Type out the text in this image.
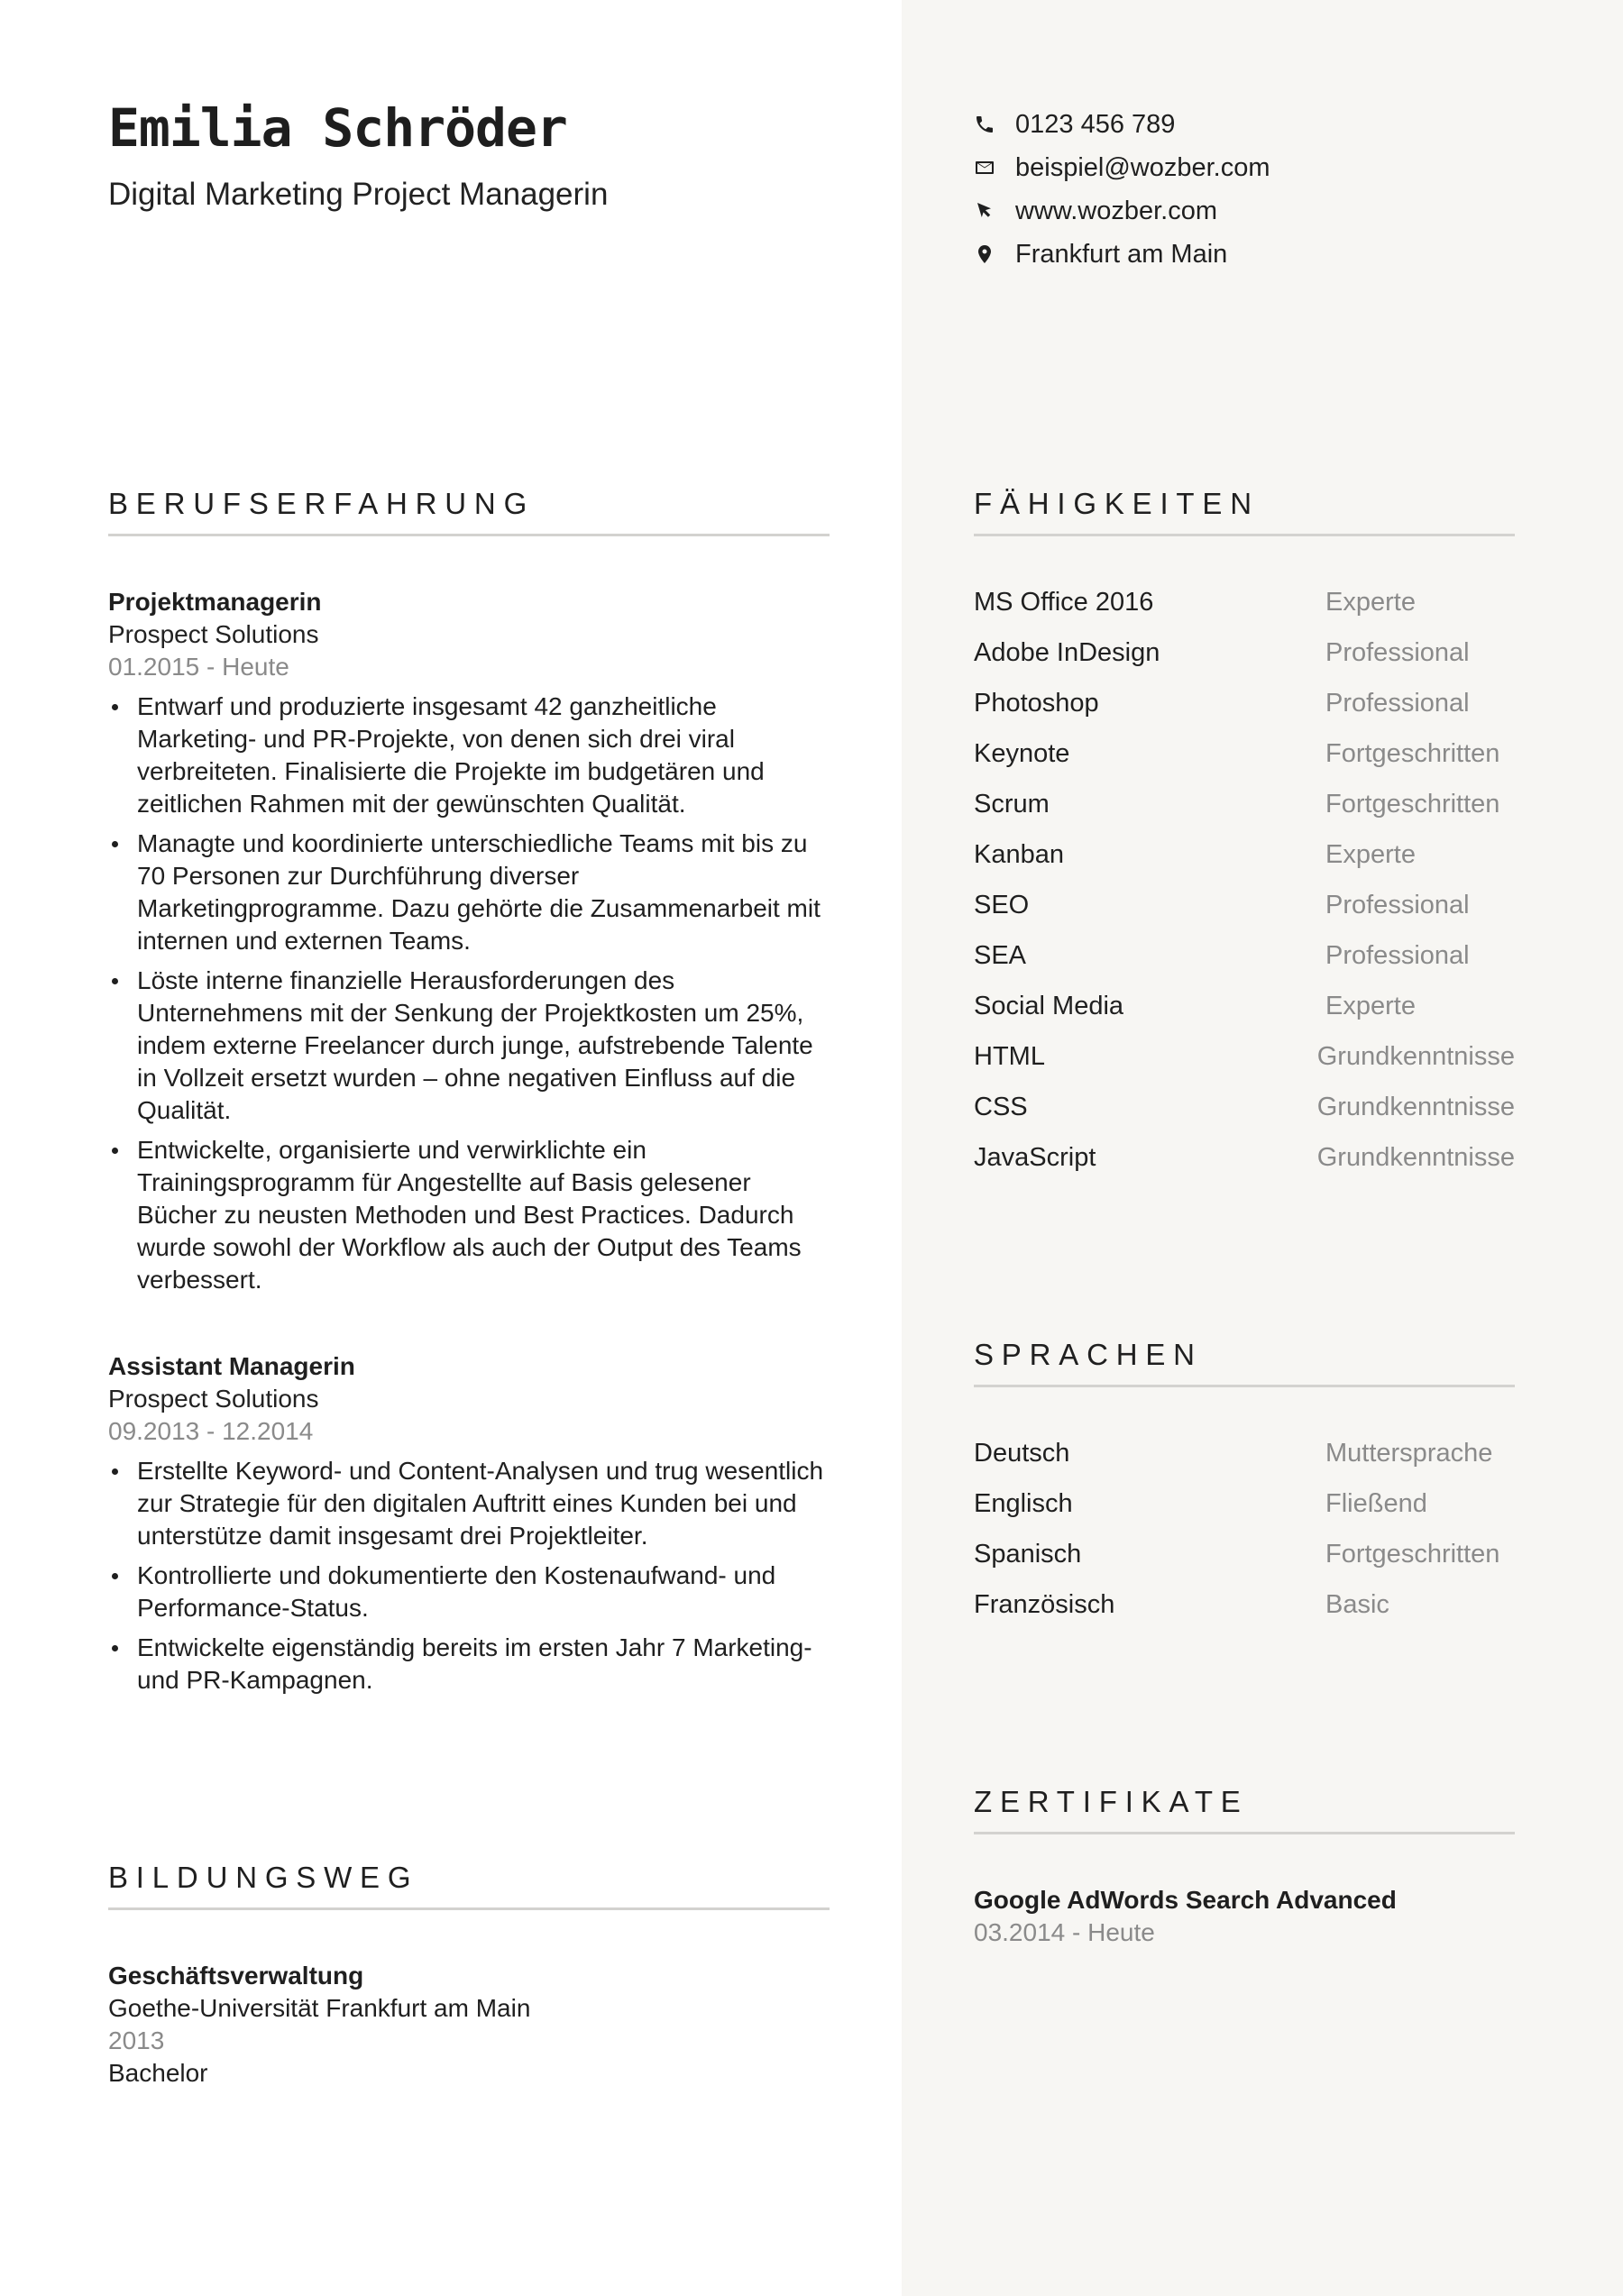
Emilia Schröder
Digital Marketing Project Managerin
0123 456 789
beispiel@wozber.com
www.wozber.com
Frankfurt am Main
BERUFSERFAHRUNG
Projektmanagerin
Prospect Solutions
01.2015 - Heute
Entwarf und produzierte insgesamt 42 ganzheitliche Marketing- und PR-Projekte, von denen sich drei viral verbreiteten. Finalisierte die Projekte im budgetären und zeitlichen Rahmen mit der gewünschten Qualität.
Managte und koordinierte unterschiedliche Teams mit bis zu 70 Personen zur Durchführung diverser Marketingprogramme. Dazu gehörte die Zusammenarbeit mit internen und externen Teams.
Löste interne finanzielle Herausforderungen des Unternehmens mit der Senkung der Projektkosten um 25%, indem externe Freelancer durch junge, aufstrebende Talente in Vollzeit ersetzt wurden – ohne negativen Einfluss auf die Qualität.
Entwickelte, organisierte und verwirklichte ein Trainingsprogramm für Angestellte auf Basis gelesener Bücher zu neusten Methoden und Best Practices. Dadurch wurde sowohl der Workflow als auch der Output des Teams verbessert.
Assistant Managerin
Prospect Solutions
09.2013 - 12.2014
Erstellte Keyword- und Content-Analysen und trug wesentlich zur Strategie für den digitalen Auftritt eines Kunden bei und unterstütze damit insgesamt drei Projektleiter.
Kontrollierte und dokumentierte den Kostenaufwand- und Performance-Status.
Entwickelte eigenständig bereits im ersten Jahr 7 Marketing- und PR-Kampagnen.
BILDUNGSWEG
Geschäftsverwaltung
Goethe-Universität Frankfurt am Main
2013
Bachelor
FÄHIGKEITEN
MS Office 2016	Experte
Adobe InDesign	Professional
Photoshop	Professional
Keynote	Fortgeschritten
Scrum	Fortgeschritten
Kanban	Experte
SEO	Professional
SEA	Professional
Social Media	Experte
HTML	Grundkenntnisse
CSS	Grundkenntnisse
JavaScript	Grundkenntnisse
SPRACHEN
Deutsch	Muttersprache
Englisch	Fließend
Spanisch	Fortgeschritten
Französisch	Basic
ZERTIFIKATE
Google AdWords Search Advanced
03.2014 - Heute
